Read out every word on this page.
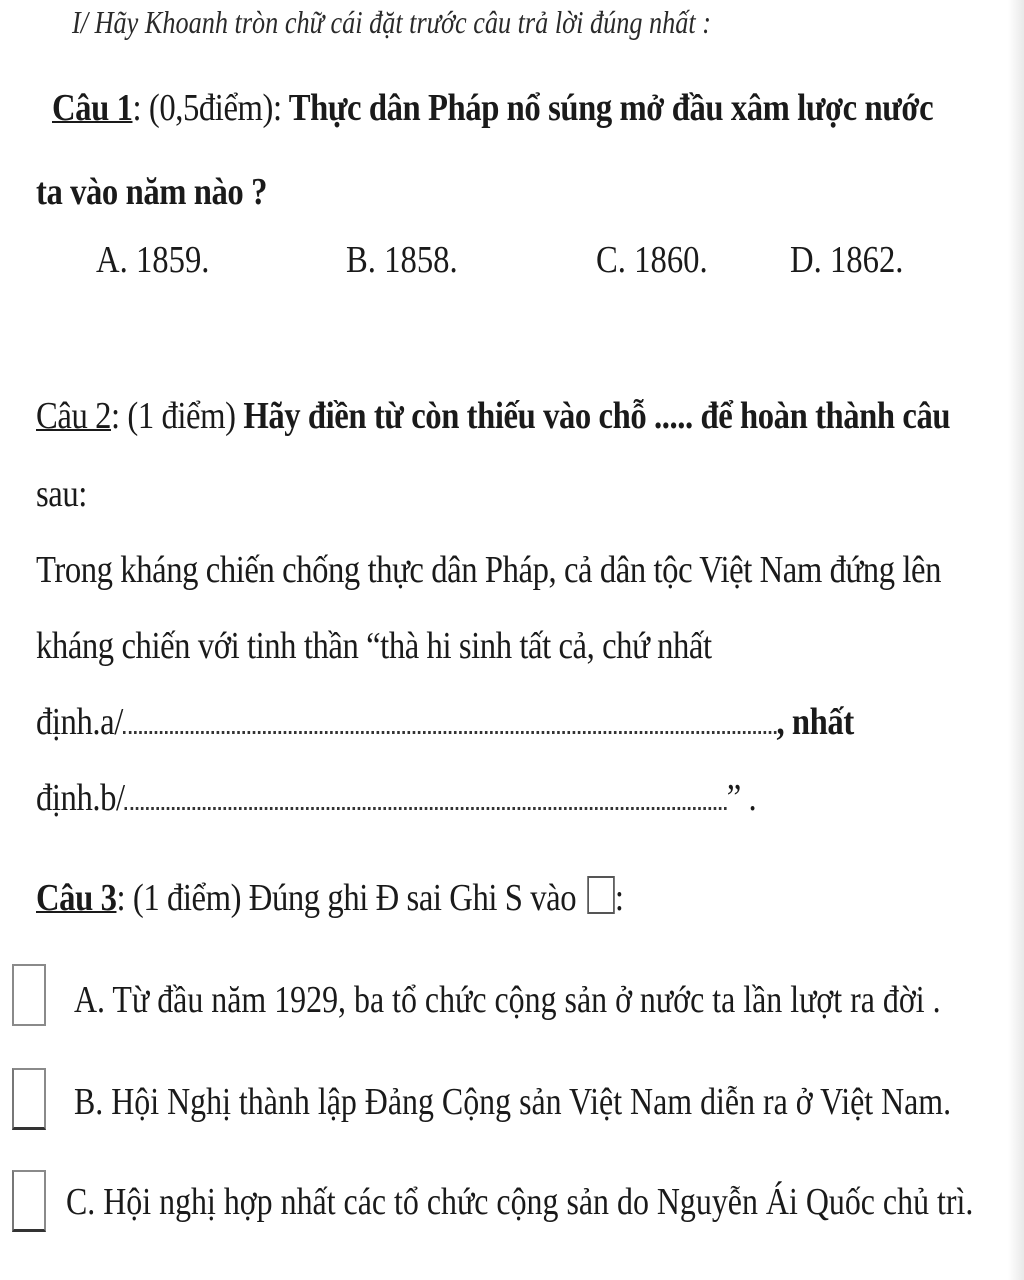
I/ Hãy Khoanh tròn chữ cái đặt trước câu trả lời đúng nhất :
Câu 1: (0,5điểm): Thực dân Pháp nổ súng mở đầu xâm lược nước
ta vào năm nào ?
A. 1859.	B. 1858.	C. 1860. D. 1862.
Câu 2: (1 điểm) Hãy điền từ còn thiếu vào chỗ ..... để hoàn thành câu
sau:
Trong kháng chiến chống thực dân Pháp, cả dân tộc Việt Nam đứng lên
kháng chiến với tinh thần “thà hi sinh tất cả, chứ nhất
định.a/	, nhất
định.b/	” .
Câu 3: (1 điểm) Đúng ghi Đ sai Ghi S vào :
A. Từ đầu năm 1929, ba tổ chức cộng sản ở nước ta lần lượt ra đời .
B. Hội Nghị thành lập Đảng Cộng sản Việt Nam diễn ra ở Việt Nam.
C. Hội nghị hợp nhất các tổ chức cộng sản do Nguyễn Ái Quốc chủ trì.
